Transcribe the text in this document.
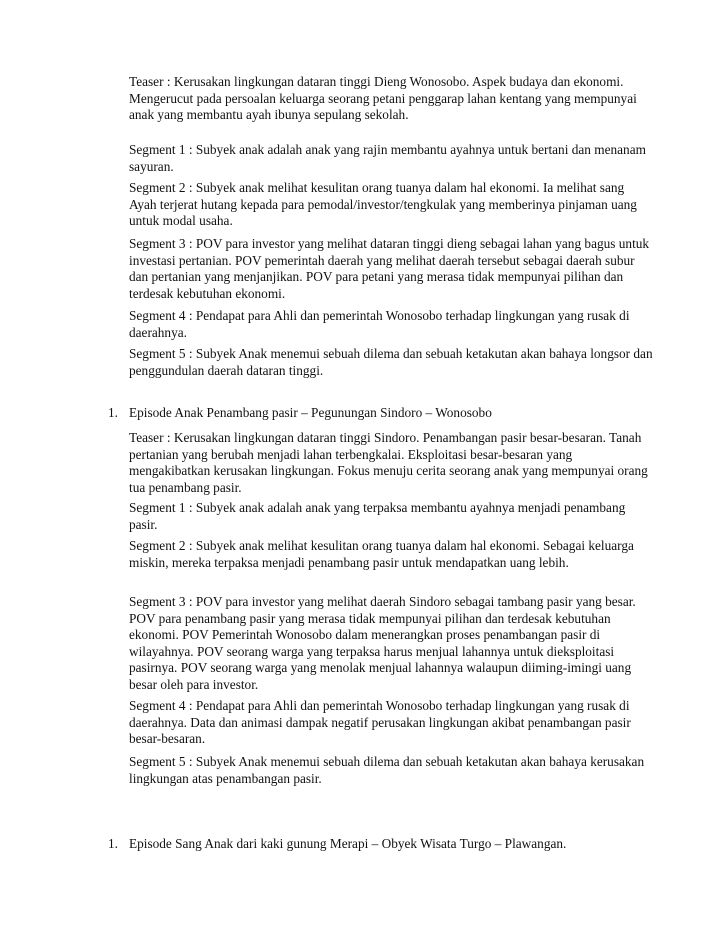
Teaser : Kerusakan lingkungan dataran tinggi Dieng Wonosobo. Aspek budaya dan ekonomi. Mengerucut pada persoalan keluarga seorang petani penggarap lahan kentang yang mempunyai anak yang membantu ayah ibunya sepulang sekolah.

Segment 1 : Subyek anak adalah anak yang rajin membantu ayahnya untuk bertani dan menanam sayuran.

Segment 2 : Subyek anak melihat kesulitan orang tuanya dalam hal ekonomi. Ia melihat sang Ayah terjerat hutang kepada para pemodal/investor/tengkulak yang memberinya pinjaman uang untuk modal usaha.

Segment 3 : POV para investor yang melihat dataran tinggi dieng sebagai lahan yang bagus untuk investasi pertanian. POV pemerintah daerah yang melihat daerah tersebut sebagai daerah subur dan pertanian yang menjanjikan. POV para petani yang merasa tidak mempunyai pilihan dan terdesak kebutuhan ekonomi.

Segment 4 : Pendapat para Ahli dan pemerintah Wonosobo terhadap lingkungan yang rusak di daerahnya.

Segment 5 : Subyek Anak menemui sebuah dilema dan sebuah ketakutan akan bahaya longsor dan penggundulan daerah dataran tinggi.

1. Episode Anak Penambang pasir – Pegunungan Sindoro – Wonosobo

Teaser : Kerusakan lingkungan dataran tinggi Sindoro. Penambangan pasir besar-besaran. Tanah pertanian yang berubah menjadi lahan terbengkalai. Eksploitasi besar-besaran yang mengakibatkan kerusakan lingkungan. Fokus menuju cerita seorang anak yang mempunyai orang tua penambang pasir.

Segment 1 : Subyek anak adalah anak yang terpaksa membantu ayahnya menjadi penambang pasir.

Segment 2 : Subyek anak melihat kesulitan orang tuanya dalam hal ekonomi. Sebagai keluarga miskin, mereka terpaksa menjadi penambang pasir untuk mendapatkan uang lebih.

Segment 3 : POV para investor yang melihat daerah Sindoro sebagai tambang pasir yang besar. POV para penambang pasir yang merasa tidak mempunyai pilihan dan terdesak kebutuhan ekonomi. POV Pemerintah Wonosobo dalam menerangkan proses penambangan pasir di wilayahnya. POV seorang warga yang terpaksa harus menjual lahannya untuk dieksploitasi pasirnya. POV seorang warga yang menolak menjual lahannya walaupun diiming-imingi uang besar oleh para investor.

Segment 4 : Pendapat para Ahli dan pemerintah Wonosobo terhadap lingkungan yang rusak di daerahnya. Data dan animasi dampak negatif perusakan lingkungan akibat penambangan pasir besar-besaran.

Segment 5 : Subyek Anak menemui sebuah dilema dan sebuah ketakutan akan bahaya kerusakan lingkungan atas penambangan pasir.

1. Episode Sang Anak dari kaki gunung Merapi – Obyek Wisata Turgo – Plawangan.
